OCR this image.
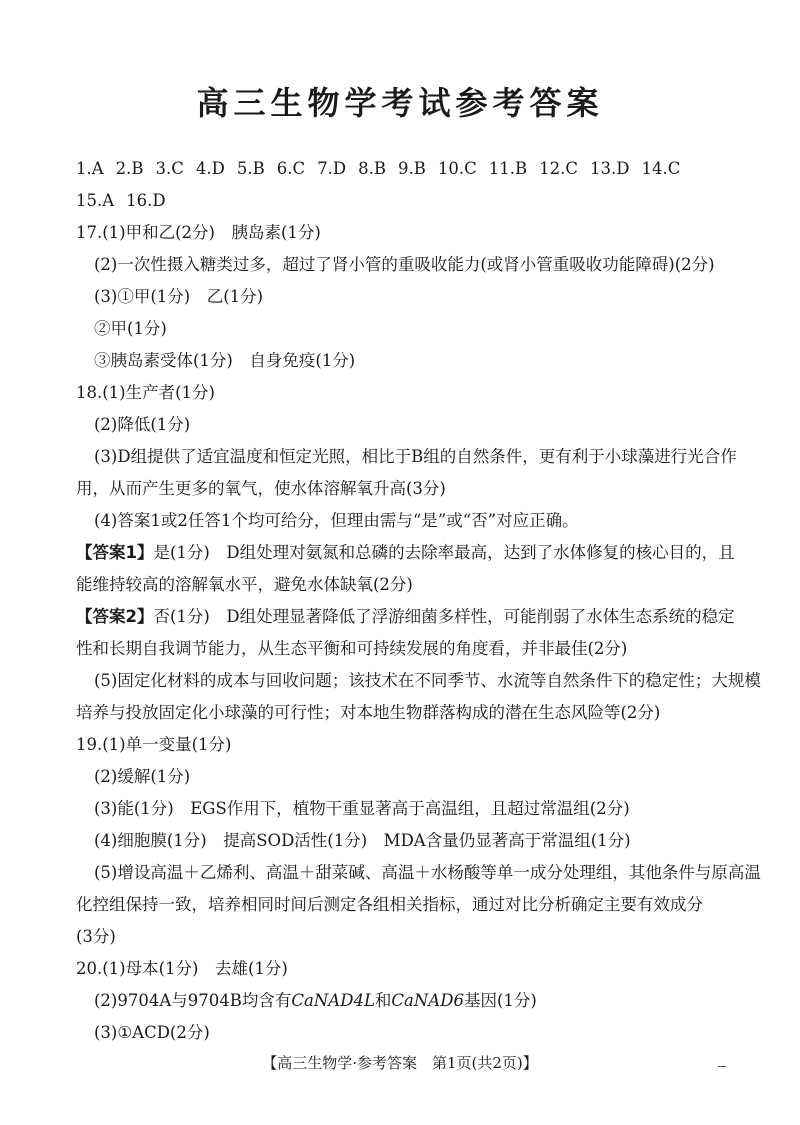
高三生物学考试参考答案
1.A 2.B 3.C 4.D 5.B 6.C 7.D 8.B 9.B 10.C 11.B 12.C 13.D 14.C
15.A 16.D
17.(1)甲和乙(2分)　胰岛素(1分)
(2)一次性摄入糖类过多，超过了肾小管的重吸收能力(或肾小管重吸收功能障碍)(2分)
(3)①甲(1分)　乙(1分)
②甲(1分)
③胰岛素受体(1分)　自身免疫(1分)
18.(1)生产者(1分)
(2)降低(1分)
(3)D组提供了适宜温度和恒定光照，相比于B组的自然条件，更有利于小球藻进行光合作
用，从而产生更多的氧气，使水体溶解氧升高(3分)
(4)答案1或2任答1个均可给分，但理由需与“是”或“否”对应正确。
【答案1】是(1分)　D组处理对氨氮和总磷的去除率最高，达到了水体修复的核心目的，且
能维持较高的溶解氧水平，避免水体缺氧(2分)
【答案2】否(1分)　D组处理显著降低了浮游细菌多样性，可能削弱了水体生态系统的稳定
性和长期自我调节能力，从生态平衡和可持续发展的角度看，并非最佳(2分)
(5)固定化材料的成本与回收问题；该技术在不同季节、水流等自然条件下的稳定性；大规模
培养与投放固定化小球藻的可行性；对本地生物群落构成的潜在生态风险等(2分)
19.(1)单一变量(1分)
(2)缓解(1分)
(3)能(1分)　EGS作用下，植物干重显著高于高温组，且超过常温组(2分)
(4)细胞膜(1分)　提高SOD活性(1分)　MDA含量仍显著高于常温组(1分)
(5)增设高温＋乙烯利、高温＋甜菜碱、高温＋水杨酸等单一成分处理组，其他条件与原高温
化控组保持一致，培养相同时间后测定各组相关指标，通过对比分析确定主要有效成分
(3分)
20.(1)母本(1分)　去雄(1分)
(2)9704A与9704B均含有CaNAD4L和CaNAD6基因(1分)
(3)①ACD(2分)
【高三生物学·参考答案　第1页(共2页)】
